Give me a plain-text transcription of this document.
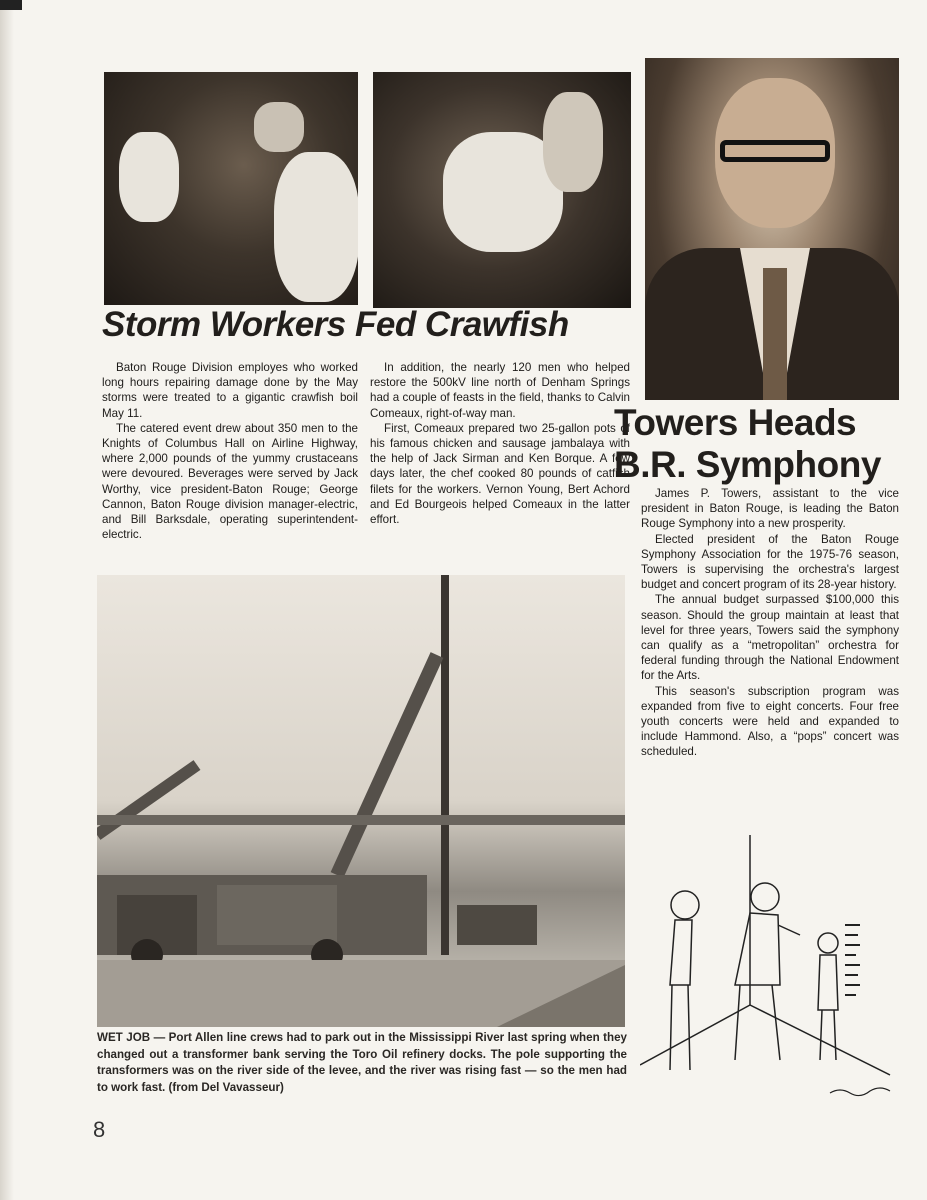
Storm Workers Fed Crawfish

Baton Rouge Division employes who worked long hours repairing damage done by the May storms were treated to a gigantic crawfish boil May 11.

The catered event drew about 350 men to the Knights of Columbus Hall on Airline Highway, where 2,000 pounds of the yummy crustaceans were devoured. Beverages were served by Jack Worthy, vice president-Baton Rouge; George Cannon, Baton Rouge division manager-electric, and Bill Barksdale, operating superintendent-electric.

In addition, the nearly 120 men who helped restore the 500kV line north of Denham Springs had a couple of feasts in the field, thanks to Calvin Comeaux, right-of-way man.

First, Comeaux prepared two 25-gallon pots of his famous chicken and sausage jambalaya with the help of Jack Sirman and Ken Borque. A few days later, the chef cooked 80 pounds of catfish filets for the workers. Vernon Young, Bert Achord and Ed Bourgeois helped Comeaux in the latter effort.

Towers Heads
B.R. Symphony

James P. Towers, assistant to the vice president in Baton Rouge, is leading the Baton Rouge Symphony into a new prosperity.

Elected president of the Baton Rouge Symphony Association for the 1975-76 season, Towers is supervising the orchestra's largest budget and concert program of its 28-year history.

The annual budget surpassed $100,000 this season. Should the group maintain at least that level for three years, Towers said the symphony can qualify as a “metropolitan” orchestra for federal funding through the National Endowment for the Arts.

This season's subscription program was expanded from five to eight concerts. Four free youth concerts were held and expanded to include Hammond. Also, a “pops” concert was scheduled.

WET JOB — Port Allen line crews had to park out in the Mississippi River last spring when they changed out a transformer bank serving the Toro Oil refinery docks. The pole supporting the transformers was on the river side of the levee, and the river was rising fast — so the men had to work fast. (from Del Vavasseur)
8
